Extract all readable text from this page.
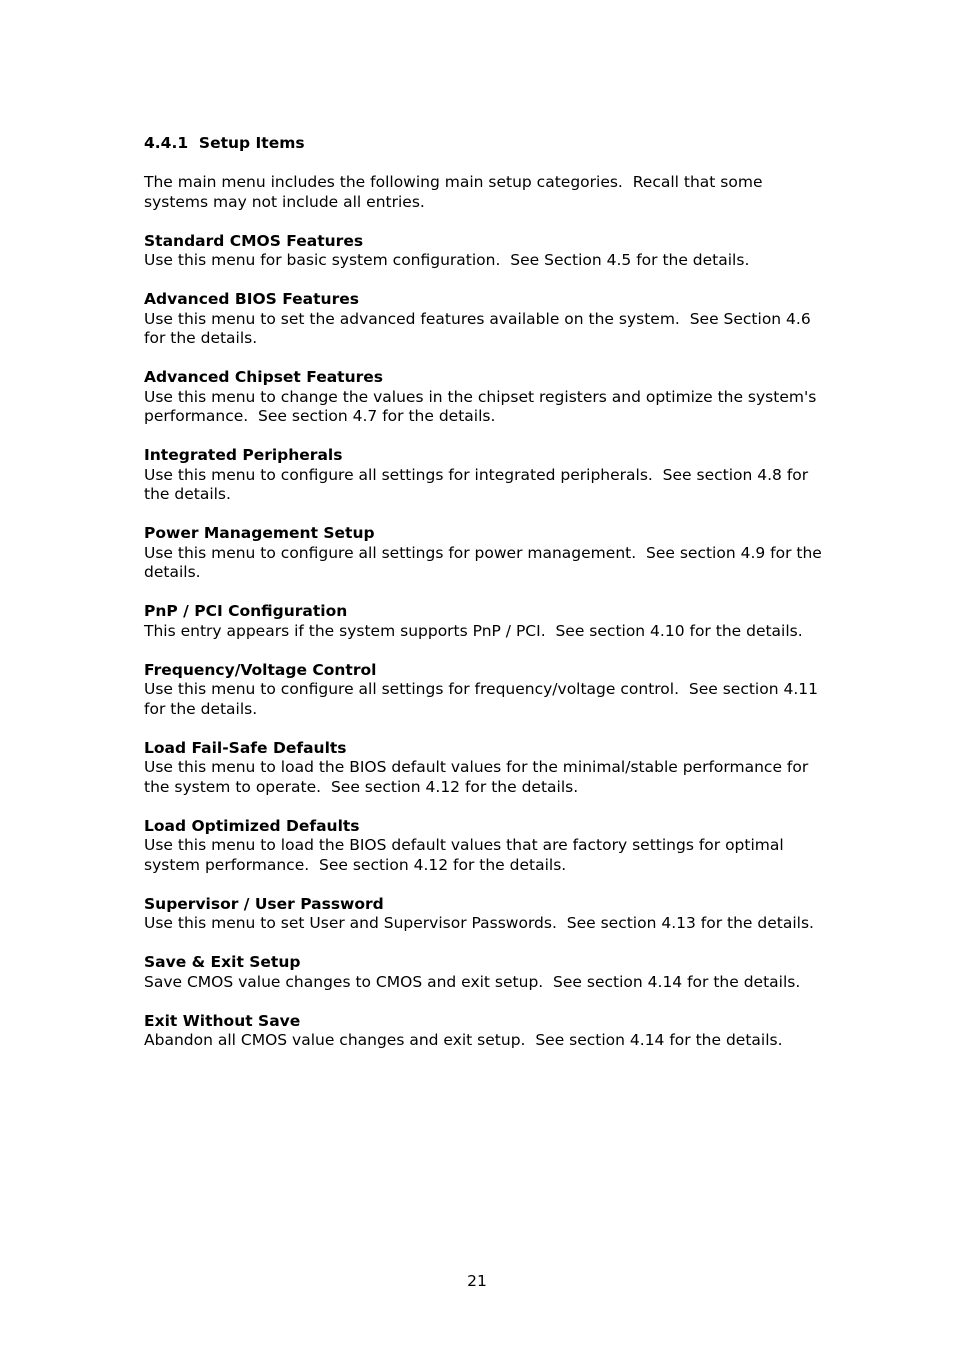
4.4.1  Setup Items
The main menu includes the following main setup categories.  Recall that some systems may not include all entries.
Standard CMOS Features
Use this menu for basic system configuration.  See Section 4.5 for the details.
Advanced BIOS Features
Use this menu to set the advanced features available on the system.  See Section 4.6 for the details.
Advanced Chipset Features
Use this menu to change the values in the chipset registers and optimize the system's performance.  See section 4.7 for the details.
Integrated Peripherals
Use this menu to configure all settings for integrated peripherals.  See section 4.8 for the details.
Power Management Setup
Use this menu to configure all settings for power management.  See section 4.9 for the details.
PnP / PCI Configuration
This entry appears if the system supports PnP / PCI.  See section 4.10 for the details.
Frequency/Voltage Control
Use this menu to configure all settings for frequency/voltage control.  See section 4.11 for the details.
Load Fail-Safe Defaults
Use this menu to load the BIOS default values for the minimal/stable performance for the system to operate.  See section 4.12 for the details.
Load Optimized Defaults
Use this menu to load the BIOS default values that are factory settings for optimal system performance.  See section 4.12 for the details.
Supervisor / User Password
Use this menu to set User and Supervisor Passwords.  See section 4.13 for the details.
Save & Exit Setup
Save CMOS value changes to CMOS and exit setup.  See section 4.14 for the details.
Exit Without Save
Abandon all CMOS value changes and exit setup.  See section 4.14 for the details.
21
